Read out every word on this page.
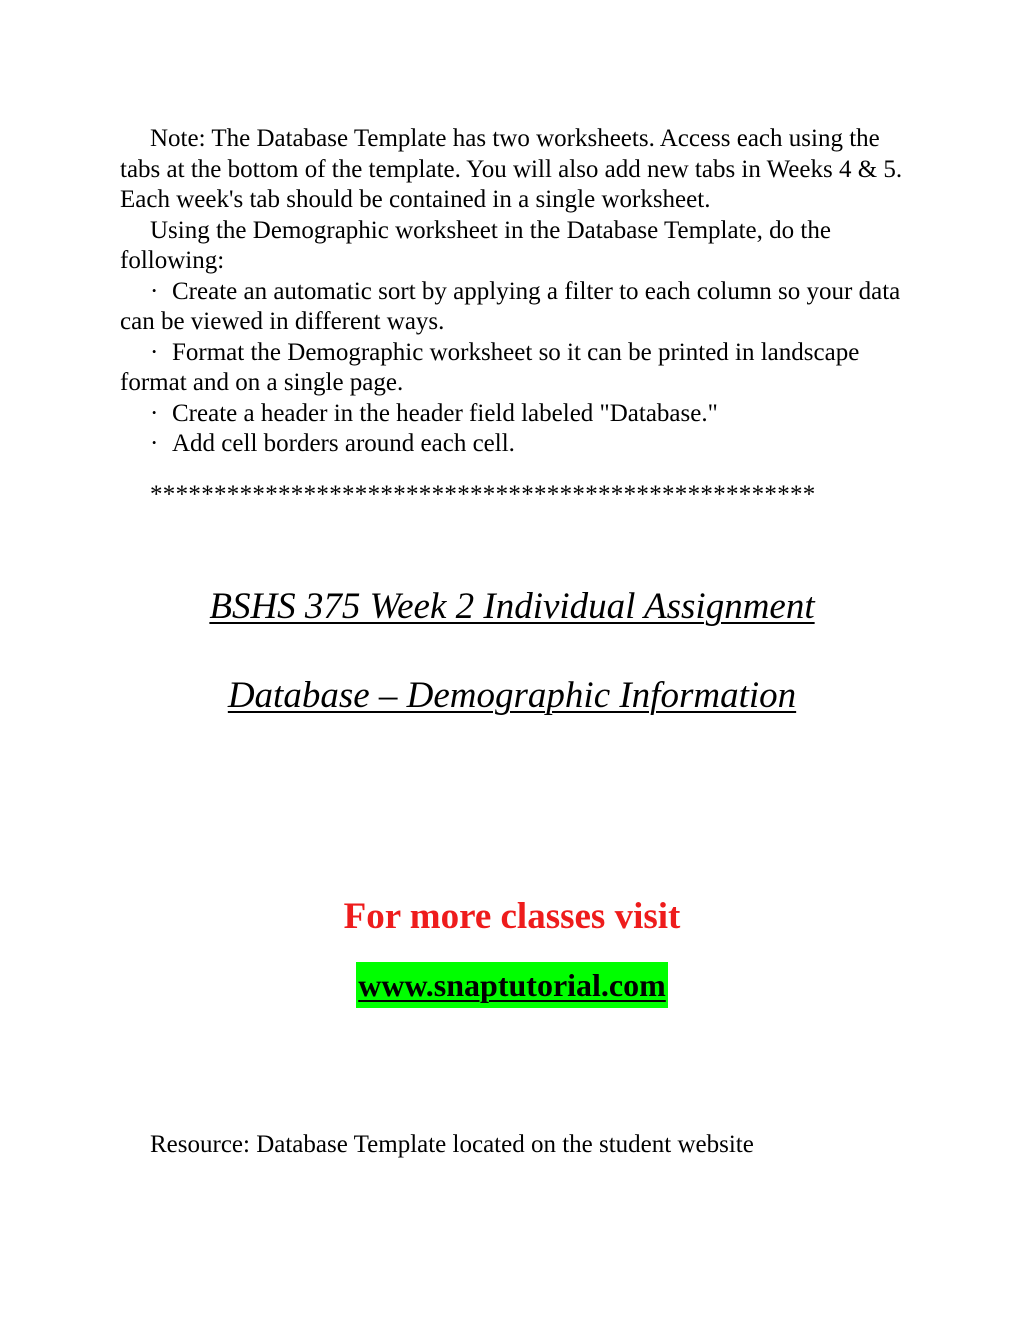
Note: The Database Template has two worksheets. Access each using the tabs at the bottom of the template. You will also add new tabs in Weeks 4 & 5. Each week's tab should be contained in a single worksheet.

Using the Demographic worksheet in the Database Template, do the following:

· Create an automatic sort by applying a filter to each column so your data can be viewed in different ways.

· Format the Demographic worksheet so it can be printed in landscape format and on a single page.

· Create a header in the header field labeled "Database."

· Add cell borders around each cell.

****************************************************

BSHS 375 Week 2 Individual Assignment

Database – Demographic Information

For more classes visit

www.snaptutorial.com

Resource: Database Template located on the student website
